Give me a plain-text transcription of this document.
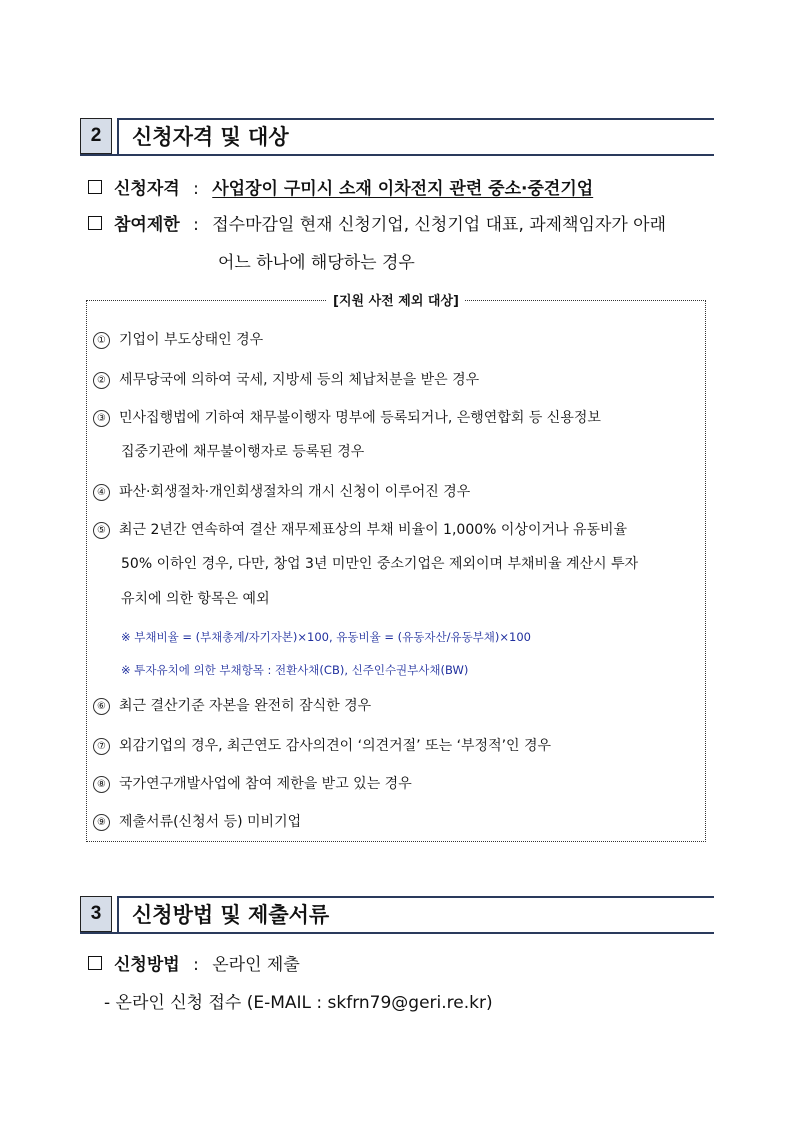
2	신청자격 및 대상
신청자격 : 사업장이 구미시 소재 이차전지 관련 중소·중견기업
참여제한 : 접수마감일 현재 신청기업, 신청기업 대표, 과제책임자가 아래
어느 하나에 해당하는 경우
[지원 사전 제외 대상]
① 기업이 부도상태인 경우
② 세무당국에 의하여 국세, 지방세 등의 체납처분을 받은 경우
③ 민사집행법에 기하여 채무불이행자 명부에 등록되거나, 은행연합회 등 신용정보
집중기관에 채무불이행자로 등록된 경우
④ 파산·회생절차·개인회생절차의 개시 신청이 이루어진 경우
⑤ 최근 2년간 연속하여 결산 재무제표상의 부채 비율이 1,000% 이상이거나 유동비율
50% 이하인 경우, 다만, 창업 3년 미만인 중소기업은 제외이며 부채비율 계산시 투자
유치에 의한 항목은 예외
※ 부채비율 = (부채총계/자기자본)×100, 유동비율 = (유동자산/유동부채)×100
※ 투자유치에 의한 부채항목 : 전환사채(CB), 신주인수권부사채(BW)
⑥ 최근 결산기준 자본을 완전히 잠식한 경우
⑦ 외감기업의 경우, 최근연도 감사의견이 ‘의견거절’ 또는 ‘부정적’인 경우
⑧ 국가연구개발사업에 참여 제한을 받고 있는 경우
⑨ 제출서류(신청서 등) 미비기업
3	신청방법 및 제출서류
신청방법 : 온라인 제출
- 온라인 신청 접수 (E-MAIL : skfrn79@geri.re.kr)
